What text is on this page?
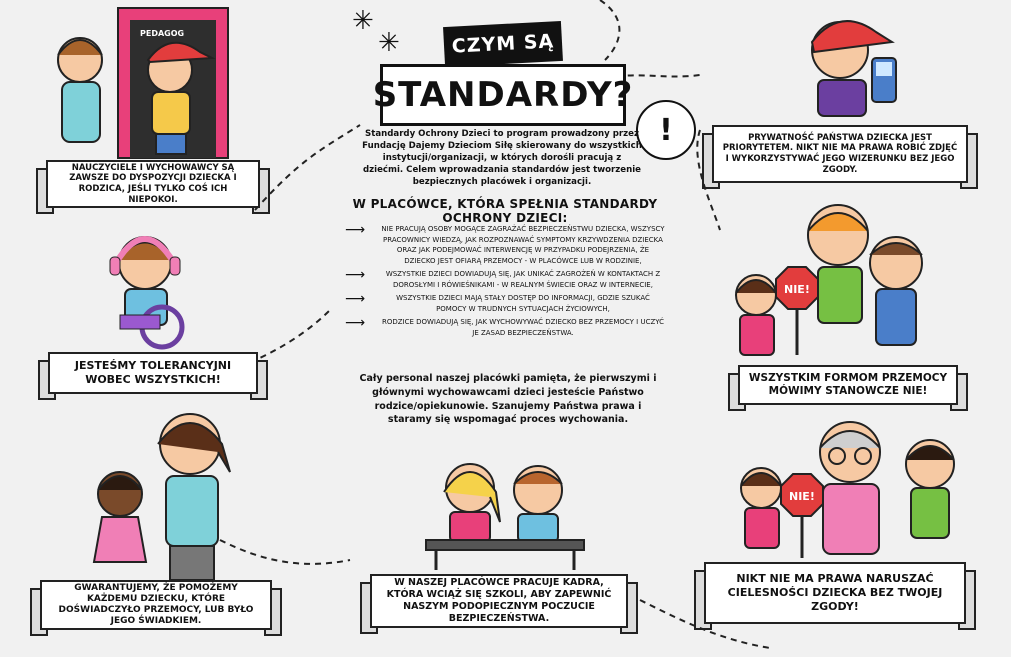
✳
✳	CZYM SĄ
STANDARDY?
!
Standardy Ochrony Dzieci to program prowadzony przez Fundację Dajemy Dzieciom Siłę skierowany do wszystkich instytucji/organizacji, w których dorośli pracują z dziećmi. Celem wprowadzania standardów jest tworzenie bezpiecznych placówek i organizacji.
W PLACÓWCE, KTÓRA SPEŁNIA STANDARDY OCHRONY DZIECI:
⟶	NIE PRACUJĄ OSOBY MOGĄCE ZAGRAŻAĆ BEZPIECZEŃSTWU DZIECKA, WSZYSCY PRACOWNICY WIEDZĄ, JAK ROZPOZNAWAĆ SYMPTOMY KRZYWDZENIA DZIECKA ORAZ JAK PODEJMOWAĆ INTERWENCJĘ W PRZYPADKU PODEJRZENIA, ŻE DZIECKO JEST OFIARĄ PRZEMOCY - W PLACÓWCE LUB W RODZINIE,
⟶	WSZYSTKIE DZIECI DOWIADUJĄ SIĘ, JAK UNIKAĆ ZAGROŻEŃ W KONTAKTACH Z DOROSŁYMI I RÓWIEŚNIKAMI - W REALNYM ŚWIECIE ORAZ W INTERNECIE,
⟶	WSZYSTKIE DZIECI MAJĄ STAŁY DOSTĘP DO INFORMACJI, GDZIE SZUKAĆ POMOCY W TRUDNYCH SYTUACJACH ŻYCIOWYCH,
⟶	RODZICE DOWIADUJĄ SIĘ, JAK WYCHOWYWAĆ DZIECKO BEZ PRZEMOCY I UCZYĆ JE ZASAD BEZPIECZEŃSTWA.
Cały personal naszej placówki pamięta, że pierwszymi i głównymi wychowawcami dzieci jesteście Państwo rodzice/opiekunowie. Szanujemy Państwa prawa i staramy się wspomagać proces wychowania.
PEDAGOG
NAUCZYCIELE I WYCHOWAWCY SĄ ZAWSZE DO DYSPOZYCJI DZIECKA I RODZICA, JEŚLI TYLKO COŚ ICH NIEPOKOI.
JESTEŚMY TOLERANCYJNI WOBEC WSZYSTKICH!
GWARANTUJEMY, ŻE POMOŻEMY KAŻDEMU DZIECKU, KTÓRE DOŚWIADCZYŁO PRZEMOCY, LUB BYŁO JEGO ŚWIADKIEM.
W NASZEJ PLACÓWCE PRACUJE KADRA, KTÓRA WCIĄŻ SIĘ SZKOLI, ABY ZAPEWNIĆ NASZYM PODOPIECZNYM POCZUCIE BEZPIECZEŃSTWA.
PRYWATNOŚĆ PAŃSTWA DZIECKA JEST PRIORYTETEM. NIKT NIE MA PRAWA ROBIĆ ZDJĘĆ I WYKORZYSTYWAĆ JEGO WIZERUNKU BEZ JEGO ZGODY.
NIE!
WSZYSTKIM FORMOM PRZEMOCY MÓWIMY STANOWCZE NIE!
NIE!
NIKT NIE MA PRAWA NARUSZAĆ CIELESNOŚCI DZIECKA BEZ TWOJEJ ZGODY!
